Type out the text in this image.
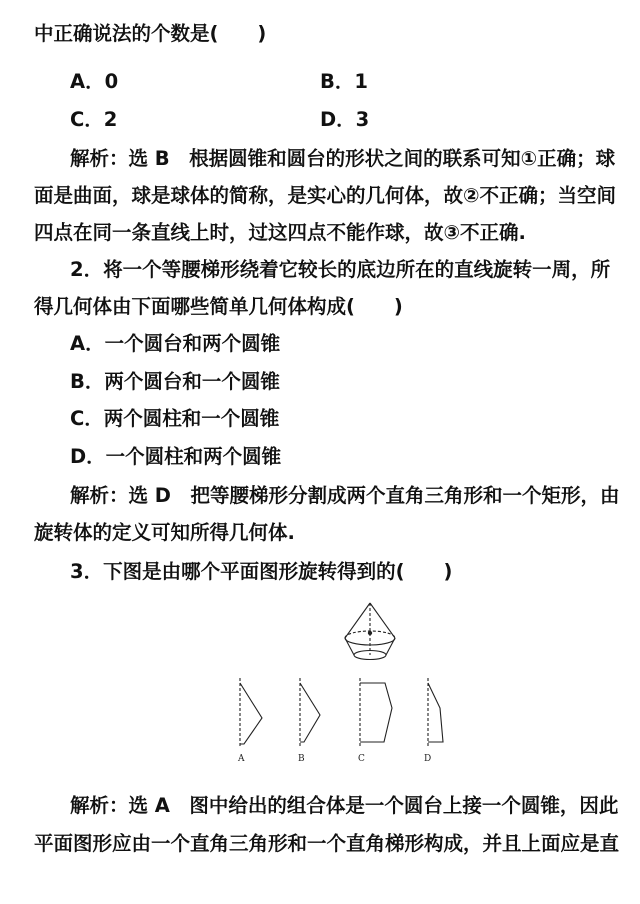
中正确说法的个数是(　　)
A．0	B．1
C．2	D．3
解析：选 B　根据圆锥和圆台的形状之间的联系可知①正确；球
面是曲面，球是球体的简称，是实心的几何体，故②不正确；当空间
四点在同一条直线上时，过这四点不能作球，故③不正确.
2．将一个等腰梯形绕着它较长的底边所在的直线旋转一周，所
得几何体由下面哪些简单几何体构成(　　)
A．一个圆台和两个圆锥
B．两个圆台和一个圆锥
C．两个圆柱和一个圆锥
D．一个圆柱和两个圆锥
解析：选 D　把等腰梯形分割成两个直角三角形和一个矩形，由
旋转体的定义可知所得几何体.
3．下图是由哪个平面图形旋转得到的(　　)
A	B	C	D
解析：选 A　图中给出的组合体是一个圆台上接一个圆锥，因此
平面图形应由一个直角三角形和一个直角梯形构成，并且上面应是直
